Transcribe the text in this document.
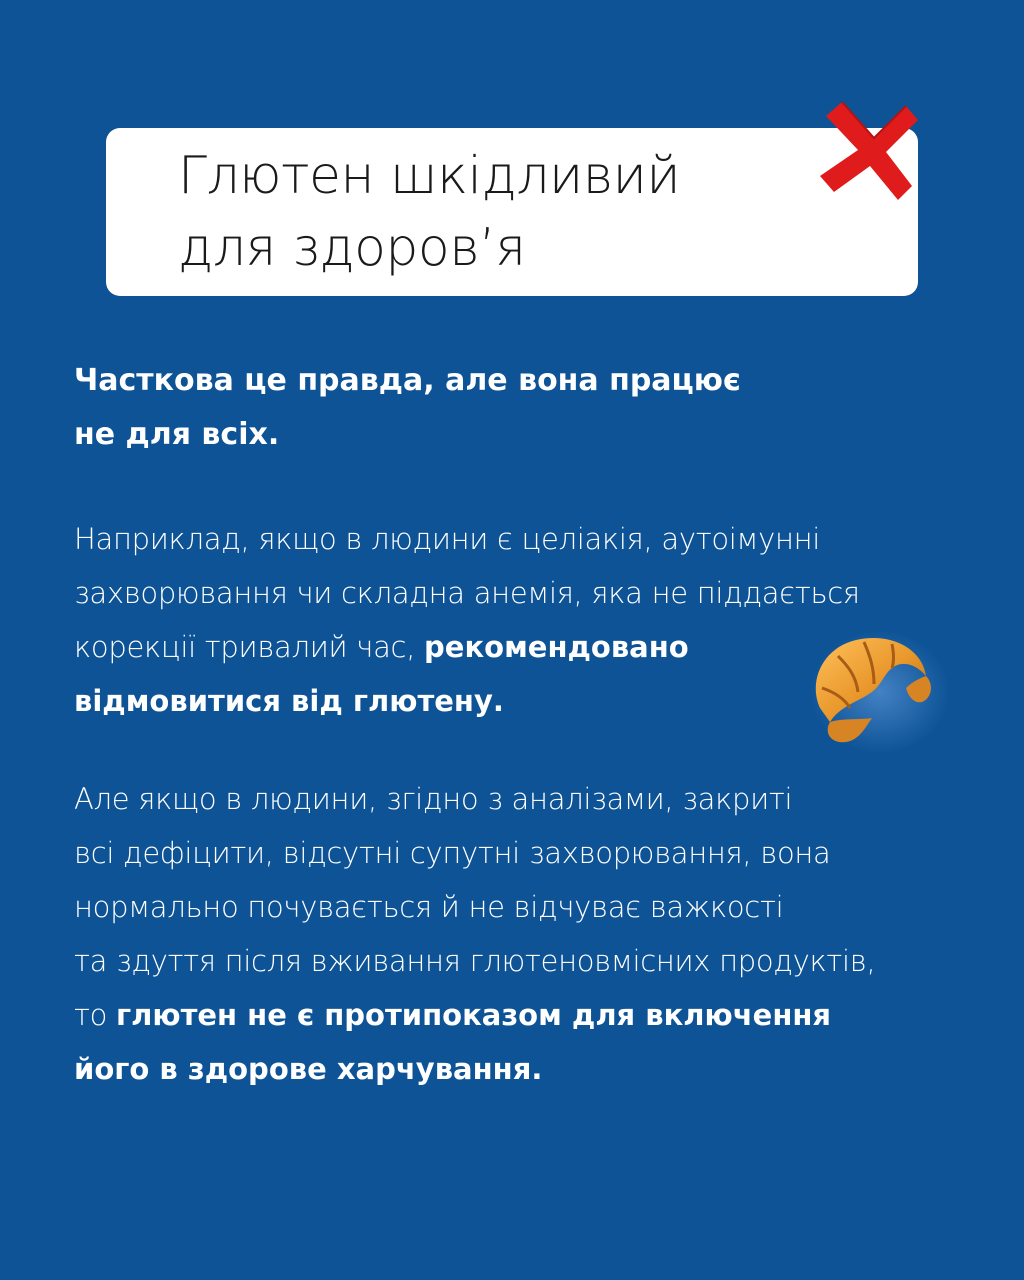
Глютен шкідливий
для здоров’я

Часткова це правда, але вона працює
не для всіх.

Наприклад, якщо в людини є целіакія, аутоімунні
захворювання чи складна анемія, яка не піддається
корекції тривалий час, рекомендовано
відмовитися від глютену.

Але якщо в людини, згідно з аналізами, закриті
всі дефіцити, відсутні супутні захворювання, вона
нормально почувається й не відчуває важкості
та здуття після вживання глютеновмісних продуктів,
то глютен не є протипоказом для включення
його в здорове харчування.
